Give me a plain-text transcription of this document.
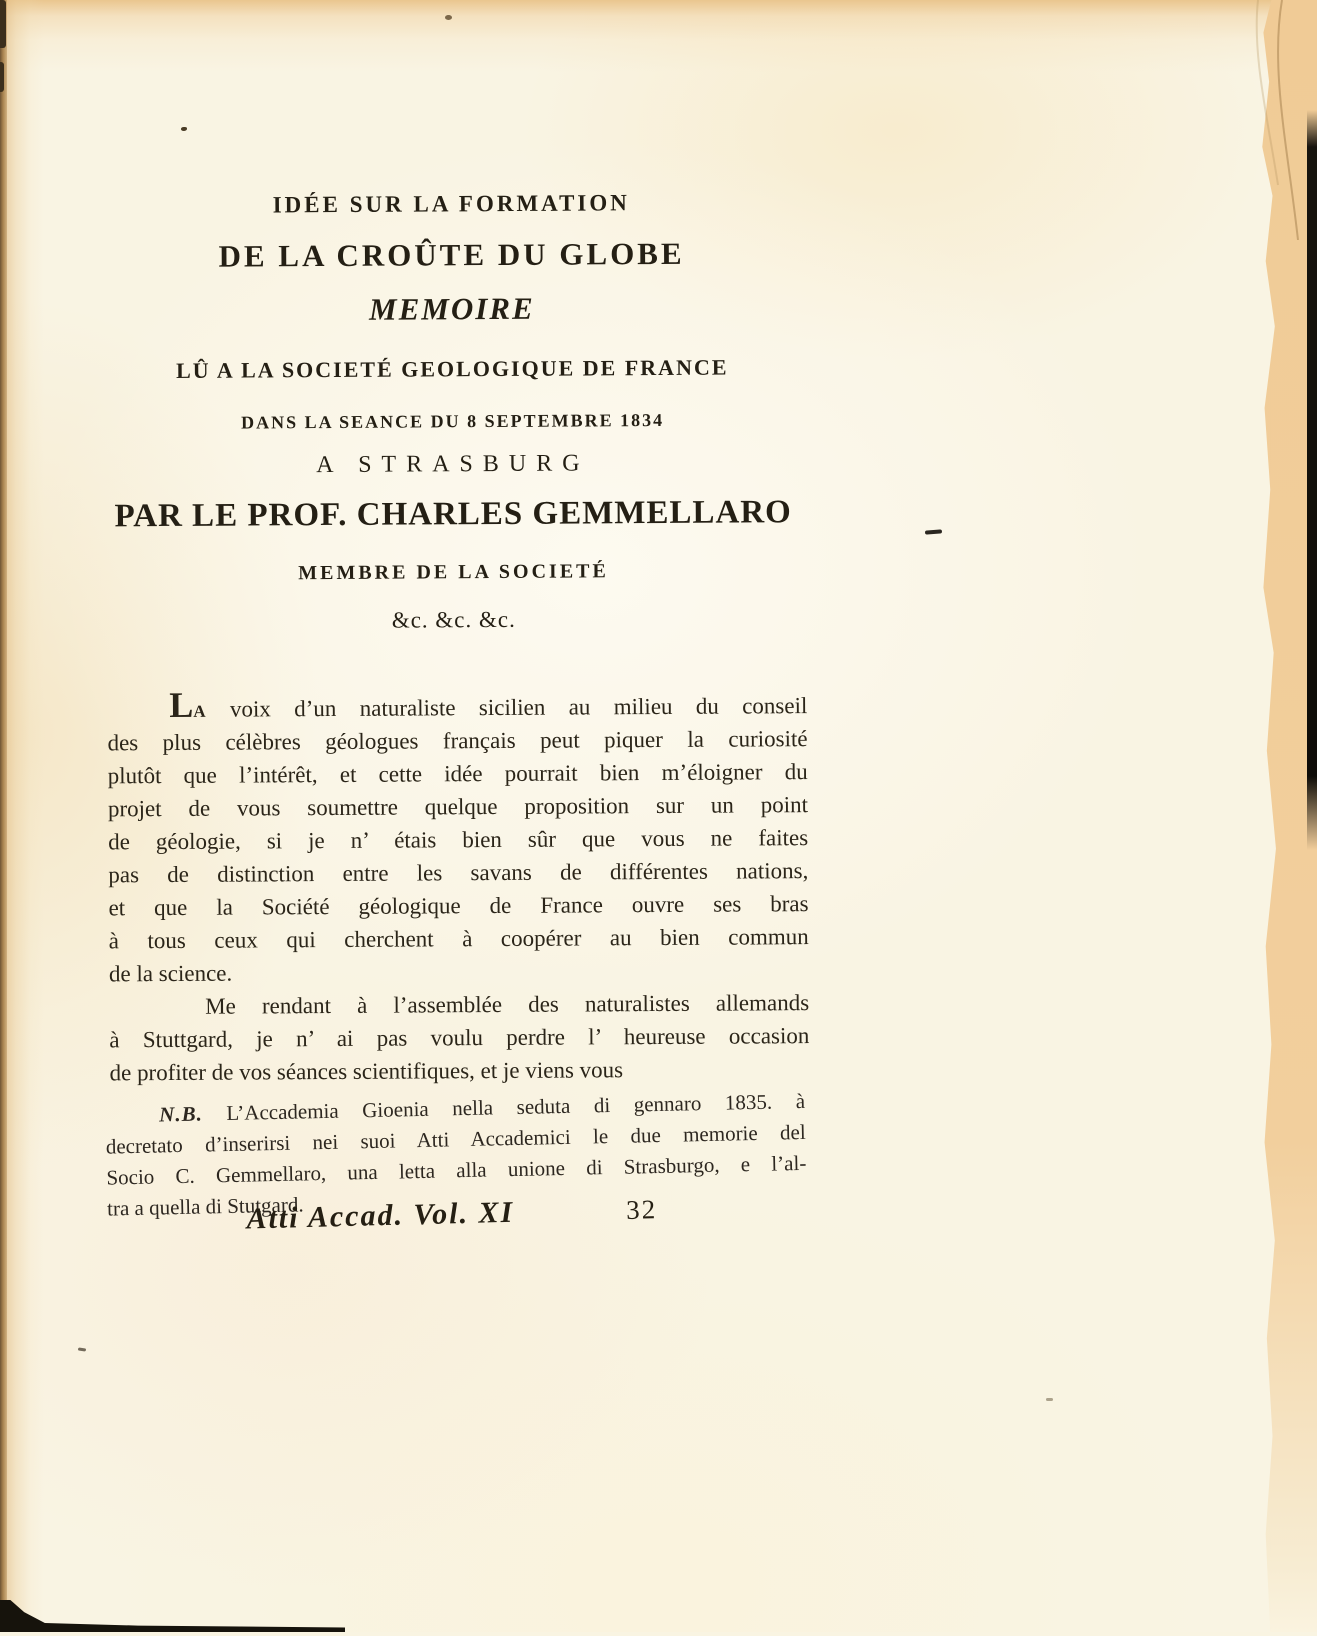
IDÉE SUR LA FORMATION
DE LA CROÛTE DU GLOBE
MEMOIRE
LÛ A LA SOCIETÉ GEOLOGIQUE DE FRANCE
DANS LA SEANCE DU 8 SEPTEMBRE 1834
A STRASBURG
PAR LE PROF. CHARLES GEMMELLARO
MEMBRE DE LA SOCIETÉ
&c. &c. &c.
LA voix d’un naturaliste sicilien au milieu du conseil
des plus célèbres géologues français peut piquer la curiosité
plutôt que l’intérêt, et cette idée pourrait bien m’éloigner du
projet de vous soumettre quelque proposition sur un point
de géologie, si je n’ étais bien sûr que vous ne faites
pas de distinction entre les savans de différentes nations,
et que la Société géologique de France ouvre ses bras
à tous ceux qui cherchent à coopérer au bien commun
de la science.
Me rendant à l’assemblée des naturalistes allemands
à Stuttgard, je n’ ai pas voulu perdre l’ heureuse occasion
de profiter de vos séances scientifiques, et je viens vous
N.B. L’Accademia Gioenia nella seduta di gennaro 1835. à
decretato d’inserirsi nei suoi Atti Accademici le due memorie del
Socio C. Gemmellaro, una letta alla unione di Strasburgo, e l’al-
tra a quella di Stutgard.
Atti Accad. Vol. XI	32
